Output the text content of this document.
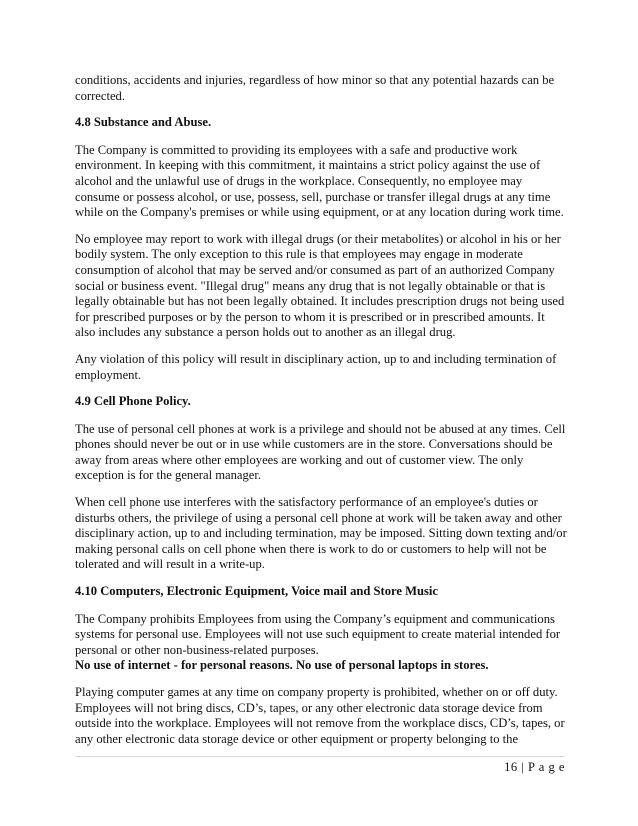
conditions, accidents and injuries, regardless of how minor so that any potential hazards can be corrected.

4.8 Substance and Abuse.

The Company is committed to providing its employees with a safe and productive work environment. In keeping with this commitment, it maintains a strict policy against the use of alcohol and the unlawful use of drugs in the workplace. Consequently, no employee may consume or possess alcohol, or use, possess, sell, purchase or transfer illegal drugs at any time while on the Company's premises or while using equipment, or at any location during work time.

No employee may report to work with illegal drugs (or their metabolites) or alcohol in his or her bodily system. The only exception to this rule is that employees may engage in moderate consumption of alcohol that may be served and/or consumed as part of an authorized Company social or business event. "Illegal drug" means any drug that is not legally obtainable or that is legally obtainable but has not been legally obtained. It includes prescription drugs not being used for prescribed purposes or by the person to whom it is prescribed or in prescribed amounts. It also includes any substance a person holds out to another as an illegal drug.

Any violation of this policy will result in disciplinary action, up to and including termination of employment.

4.9 Cell Phone Policy.

The use of personal cell phones at work is a privilege and should not be abused at any times. Cell phones should never be out or in use while customers are in the store. Conversations should be away from areas where other employees are working and out of customer view. The only exception is for the general manager.

When cell phone use interferes with the satisfactory performance of an employee's duties or disturbs others, the privilege of using a personal cell phone at work will be taken away and other disciplinary action, up to and including termination, may be imposed. Sitting down texting and/or making personal calls on cell phone when there is work to do or customers to help will not be tolerated and will result in a write-up.

4.10 Computers, Electronic Equipment, Voice mail and Store Music

The Company prohibits Employees from using the Company’s equipment and communications systems for personal use. Employees will not use such equipment to create material intended for personal or other non-business-related purposes.
No use of internet - for personal reasons. No use of personal laptops in stores.

Playing computer games at any time on company property is prohibited, whether on or off duty. Employees will not bring discs, CD’s, tapes, or any other electronic data storage device from outside into the workplace. Employees will not remove from the workplace discs, CD’s, tapes, or any other electronic data storage device or other equipment or property belonging to the

16 | P a g e
